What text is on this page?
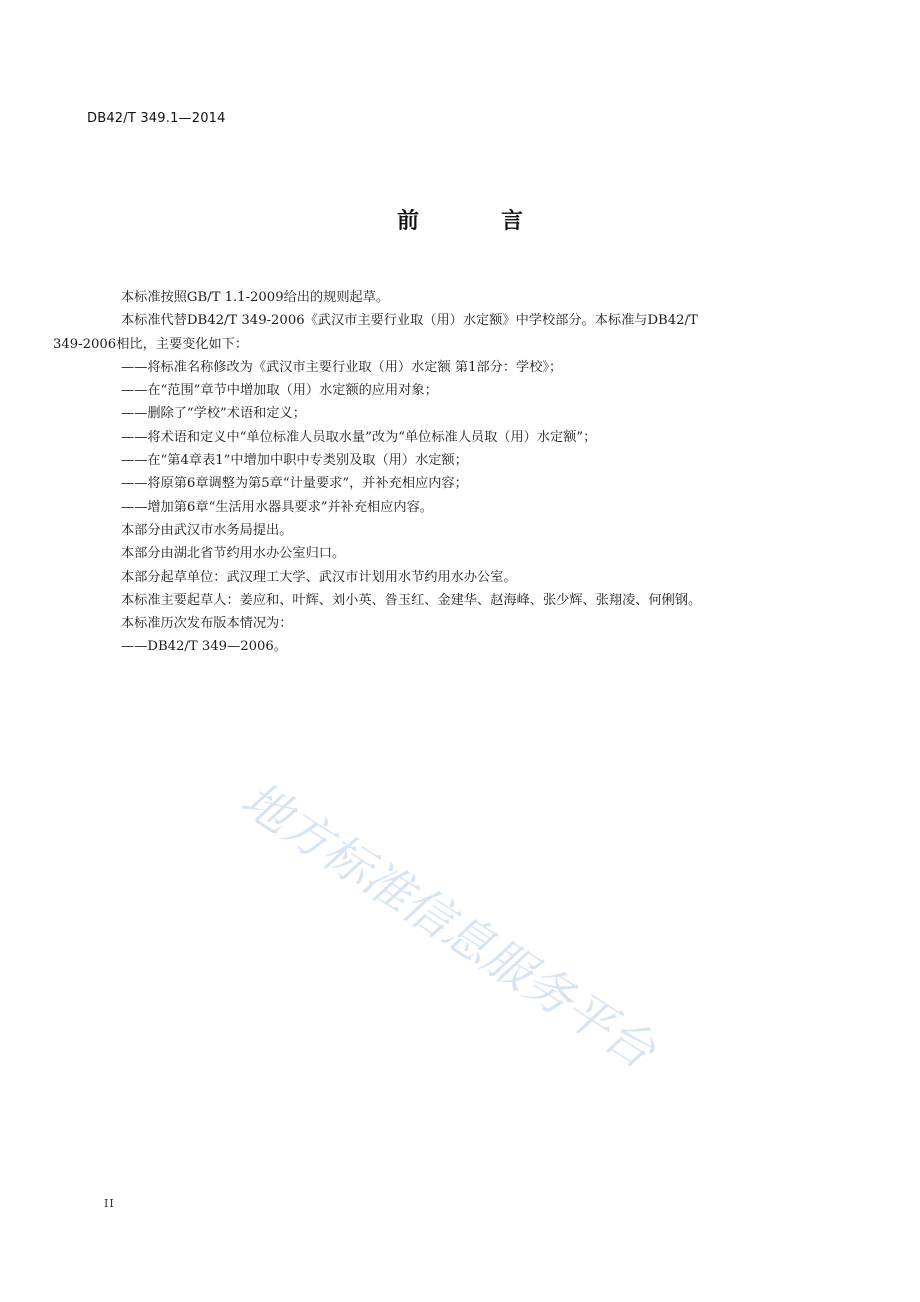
DB42/T 349.1—2014
前　言

本标准按照GB/T 1.1-2009给出的规则起草。

本标准代替DB42/T 349-2006《武汉市主要行业取（用）水定额》中学校部分。本标准与DB42/T
349-2006相比，主要变化如下：

——将标准名称修改为《武汉市主要行业取（用）水定额 第1部分：学校》；

——在“范围”章节中增加取（用）水定额的应用对象；

——删除了“学校”术语和定义；

——将术语和定义中“单位标准人员取水量”改为“单位标准人员取（用）水定额”；

——在“第4章表1”中增加中职中专类别及取（用）水定额；

——将原第6章调整为第5章“计量要求”，并补充相应内容；

——增加第6章“生活用水器具要求”并补充相应内容。

本部分由武汉市水务局提出。

本部分由湖北省节约用水办公室归口。

本部分起草单位：武汉理工大学、武汉市计划用水节约用水办公室。

本标准主要起草人：姜应和、叶辉、刘小英、昝玉红、金建华、赵海峰、张少辉、张翔凌、何俐钢。

本标准历次发布版本情况为：

——DB42/T 349—2006。

地方标准信息服务平台
II
